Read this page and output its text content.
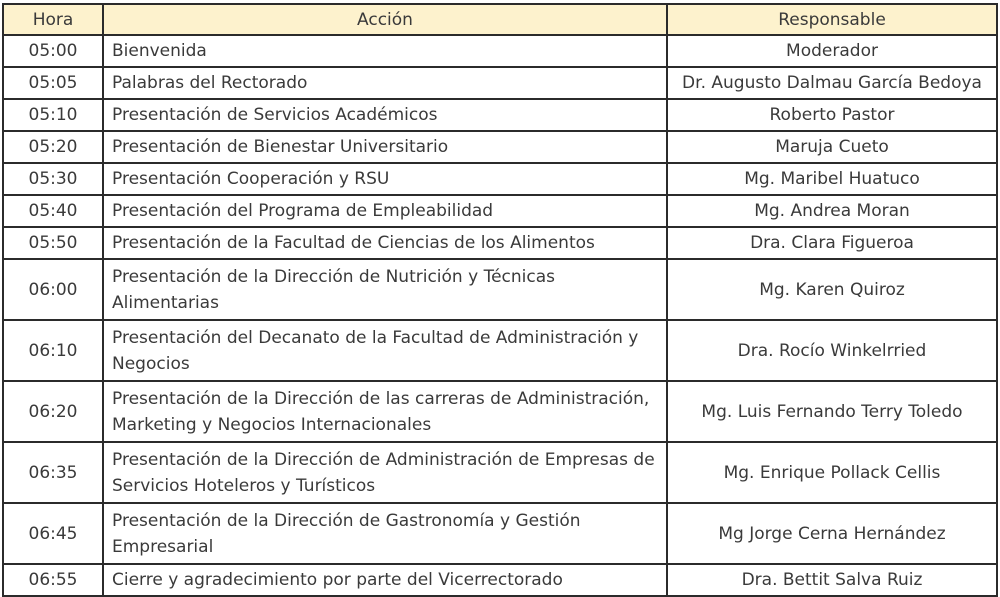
Hora	Acción	Responsable
05:00	Bienvenida	Moderador
05:05	Palabras del Rectorado	Dr. Augusto Dalmau García Bedoya
05:10	Presentación de Servicios Académicos	Roberto Pastor
05:20	Presentación de Bienestar Universitario	Maruja Cueto
05:30	Presentación Cooperación y RSU	Mg. Maribel Huatuco
05:40	Presentación del Programa de Empleabilidad	Mg. Andrea Moran
05:50	Presentación de la Facultad de Ciencias de los Alimentos	Dra. Clara Figueroa
06:00	Presentación de la Dirección de Nutrición y Técnicas Alimentarias	Mg. Karen Quiroz
06:10	Presentación del Decanato de la Facultad de Administración y Negocios	Dra. Rocío Winkelrried
06:20	Presentación de la Dirección de las carreras de Administración, Marketing y Negocios Internacionales	Mg. Luis Fernando Terry Toledo
06:35	Presentación de la Dirección de Administración de Empresas de Servicios Hoteleros y Turísticos	Mg. Enrique Pollack Cellis
06:45	Presentación de la Dirección de Gastronomía y Gestión Empresarial	Mg Jorge Cerna Hernández
06:55	Cierre y agradecimiento por parte del Vicerrectorado	Dra. Bettit Salva Ruiz
